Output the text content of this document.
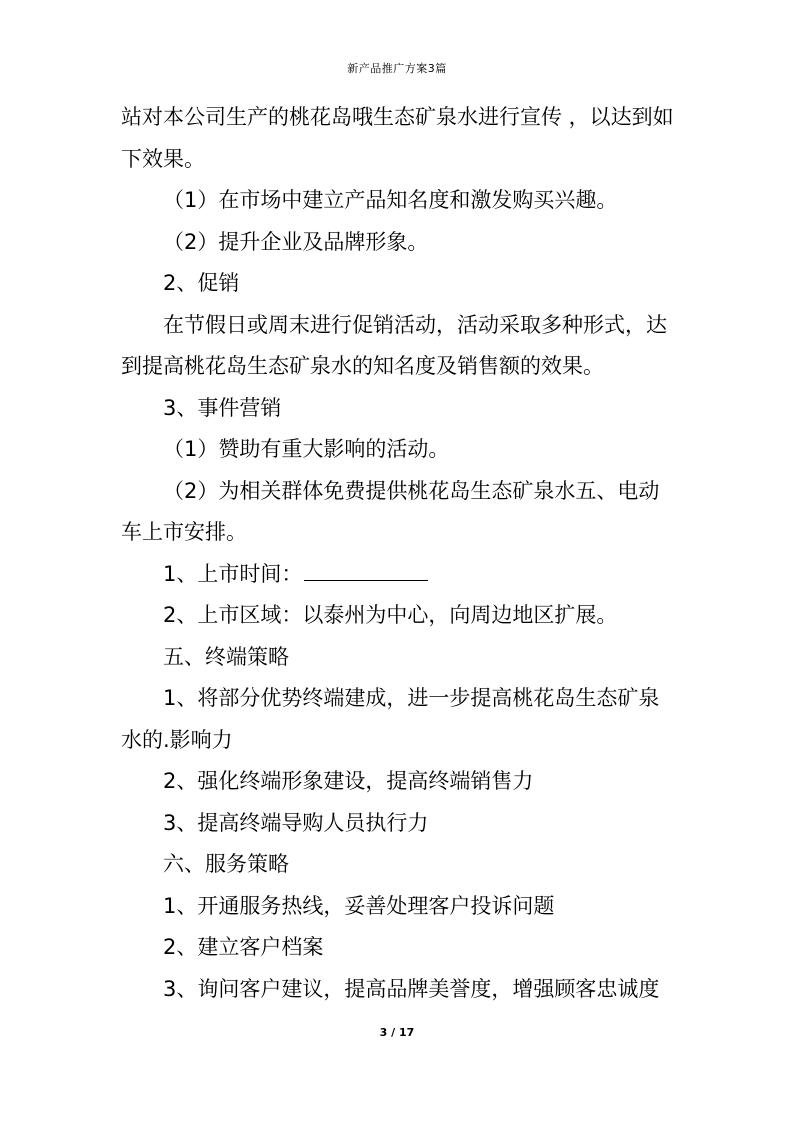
新产品推广方案3篇
站对本公司生产的桃花岛哦生态矿泉水进行宣传 ，以达到如
下效果。
（1）在市场中建立产品知名度和激发购买兴趣。
（2）提升企业及品牌形象。
2、促销
在节假日或周末进行促销活动，活动采取多种形式，达
到提高桃花岛生态矿泉水的知名度及销售额的效果。
3、事件营销
（1）赞助有重大影响的活动。
（2）为相关群体免费提供桃花岛生态矿泉水五、电动
车上市安排。
1、上市时间：
2、上市区域：以泰州为中心，向周边地区扩展。
五、终端策略
1、将部分优势终端建成，进一步提高桃花岛生态矿泉
水的.影响力
2、强化终端形象建设，提高终端销售力
3、提高终端导购人员执行力
六、服务策略
1、开通服务热线，妥善处理客户投诉问题
2、建立客户档案
3、询问客户建议，提高品牌美誉度，增强顾客忠诚度
3 / 17
